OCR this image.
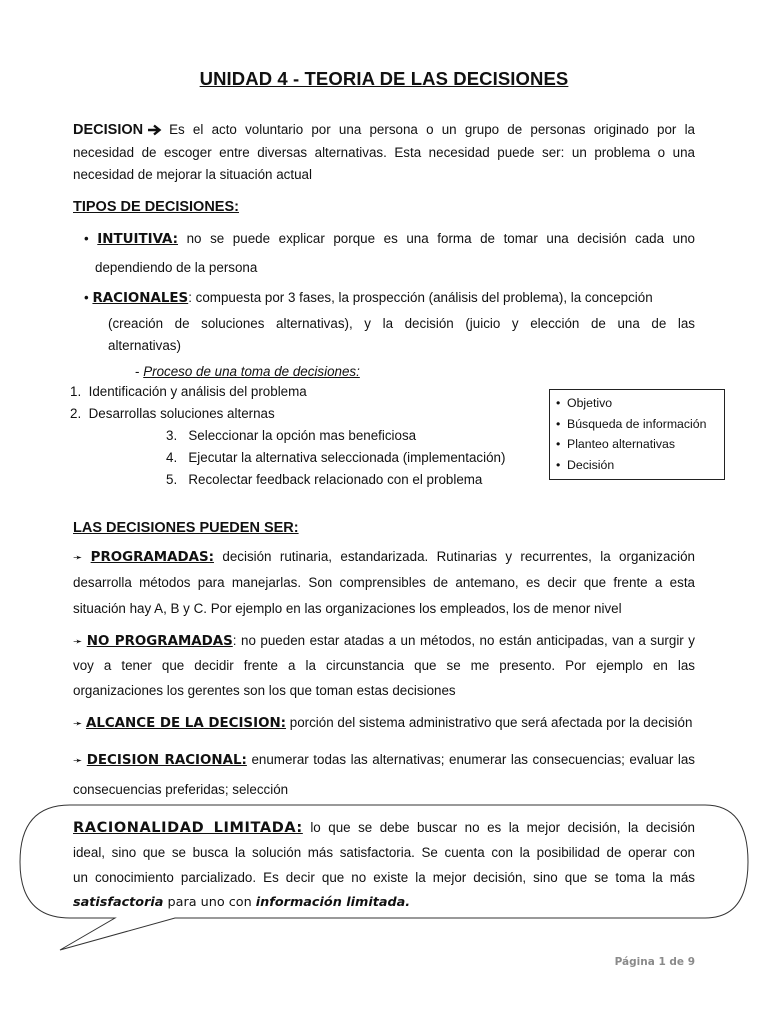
UNIDAD 4 - TEORIA DE LAS DECISIONES
DECISION Es el acto voluntario por una persona o un grupo de personas originado por la
necesidad de escoger entre diversas alternativas. Esta necesidad puede ser: un problema o una
necesidad de mejorar la situación actual
TIPOS DE DECISIONES:
• INTUITIVA: no se puede explicar porque es una forma de tomar una decisión cada uno
dependiendo de la persona
• RACIONALES: compuesta por 3 fases, la prospección (análisis del problema), la concepción
(creación de soluciones alternativas), y la decisión (juicio y elección de una de las
alternativas)
- Proceso de una toma de decisiones:
1. Identificación y análisis del problema
2. Desarrollas soluciones alternas
3. Seleccionar la opción mas beneficiosa
4. Ejecutar la alternativa seleccionada (implementación)
5. Recolectar feedback relacionado con el problema
• Objetivo
• Búsqueda de información
• Planteo alternativas
• Decisión
LAS DECISIONES PUEDEN SER:
➛ PROGRAMADAS: decisión rutinaria, estandarizada. Rutinarias y recurrentes, la organización
desarrolla métodos para manejarlas. Son comprensibles de antemano, es decir que frente a esta
situación hay A, B y C. Por ejemplo en las organizaciones los empleados, los de menor nivel
➛ NO PROGRAMADAS: no pueden estar atadas a un métodos, no están anticipadas, van a surgir y
voy a tener que decidir frente a la circunstancia que se me presento. Por ejemplo en las
organizaciones los gerentes son los que toman estas decisiones
➛ ALCANCE DE LA DECISION: porción del sistema administrativo que será afectada por la decisión
➛ DECISION RACIONAL: enumerar todas las alternativas; enumerar las consecuencias; evaluar las
consecuencias preferidas; selección
RACIONALIDAD LIMITADA: lo que se debe buscar no es la mejor decisión, la decisión
ideal, sino que se busca la solución más satisfactoria. Se cuenta con la posibilidad de operar con
un conocimiento parcializado. Es decir que no existe la mejor decisión, sino que se toma la más
satisfactoria para uno con información limitada.
Página 1 de 9
